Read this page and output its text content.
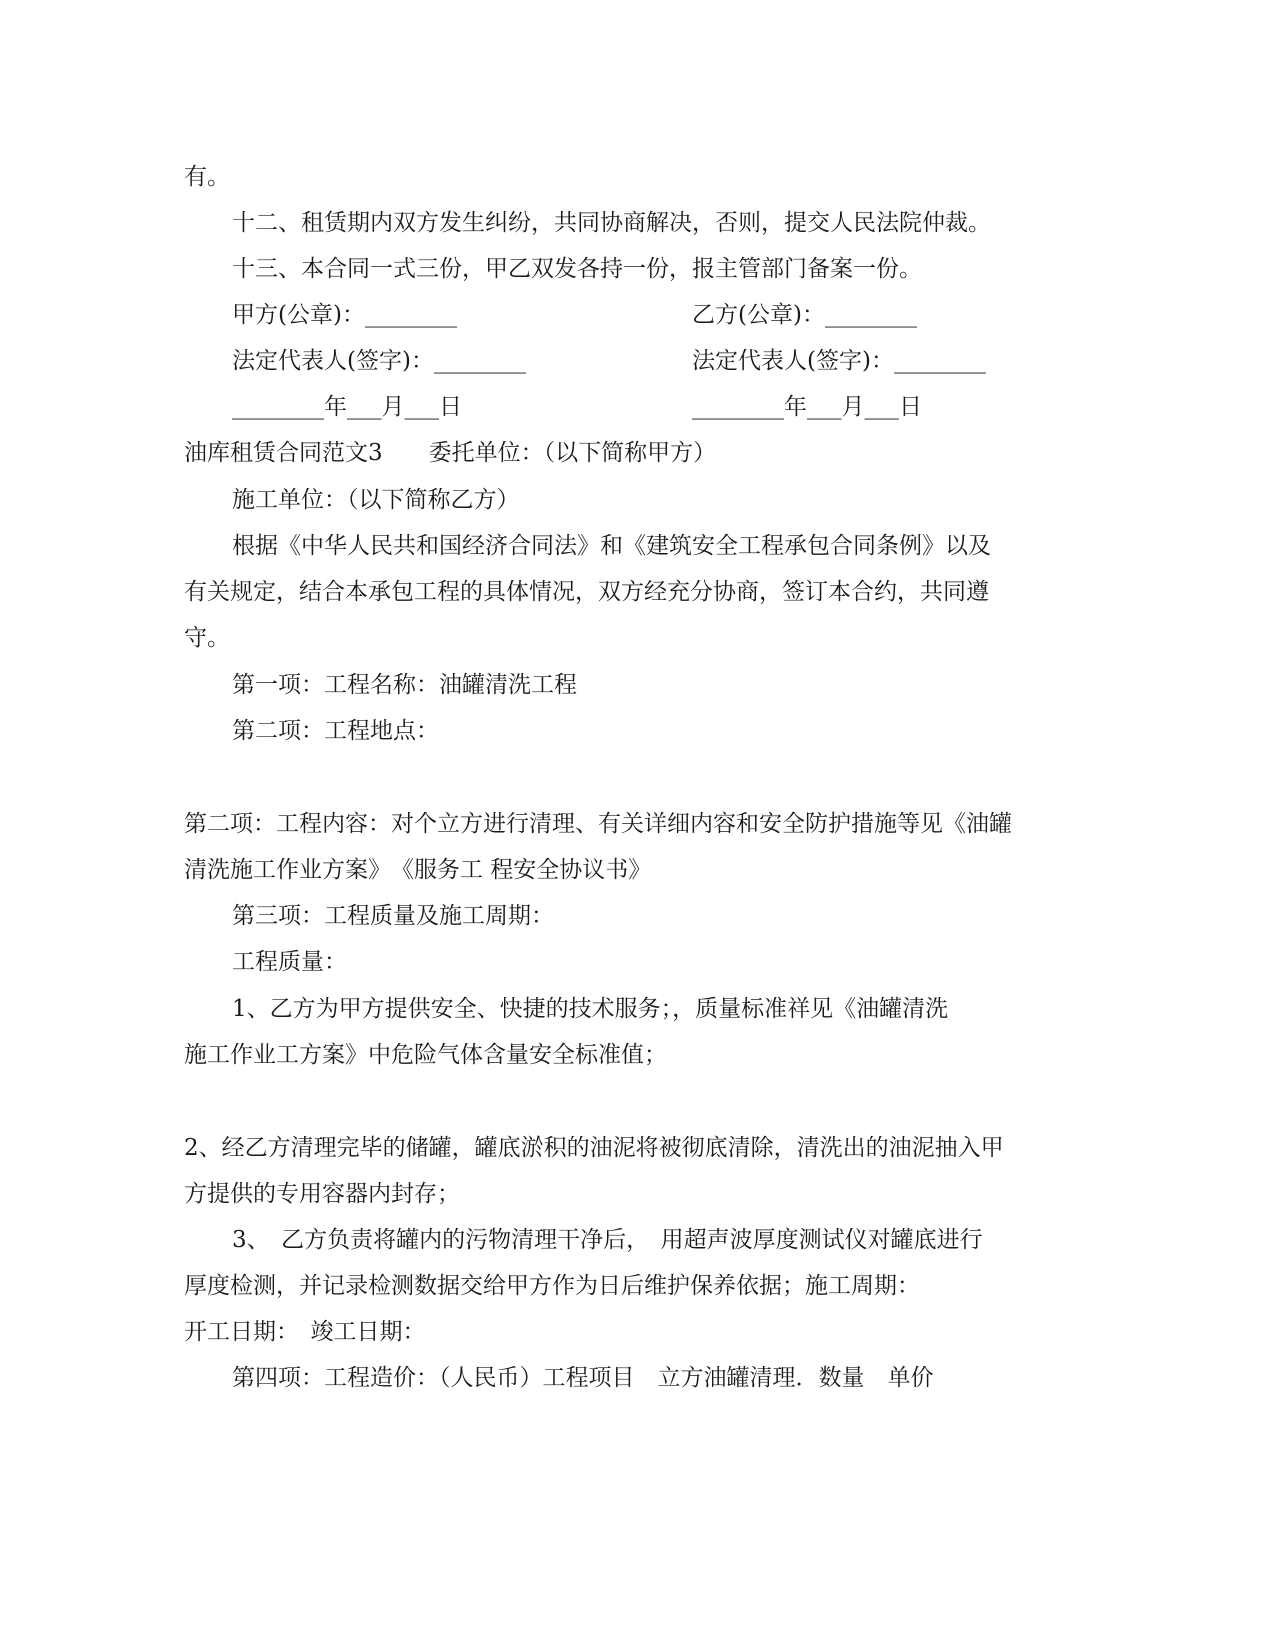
有。
十二、租赁期内双方发生纠纷，共同协商解决，否则，提交人民法院仲裁。
十三、本合同一式三份，甲乙双发各持一份，报主管部门备案一份。
甲方(公章)：________	乙方(公章)：________
法定代表人(签字)：________	法定代表人(签字)：________
________年___月___日	________年___月___日
油库租赁合同范文3　　委托单位：（以下简称甲方）
施工单位：（以下简称乙方）
根据《中华人民共和国经济合同法》和《建筑安全工程承包合同条例》以及
有关规定，结合本承包工程的具体情况，双方经充分协商，签订本合约，共同遵
守。
第一项：工程名称：油罐清洗工程
第二项：工程地点：
第二项：工程内容：对个立方进行清理、有关详细内容和安全防护措施等见《油罐
清洗施工作业方案》　《服务工 程安全协议书》
第三项：工程质量及施工周期：
工程质量：
1、乙方为甲方提供安全、快捷的技术服务；，质量标准祥见《油罐清洗
施工作业工方案》中危险气体含量安全标准值；
2、经乙方清理完毕的储罐，罐底淤积的油泥将被彻底清除，清洗出的油泥抽入甲
方提供的专用容器内封存；
3、　乙方负责将罐内的污物清理干净后，　用超声波厚度测试仪对罐底进行
厚度检测，并记录检测数据交给甲方作为日后维护保养依据；施工周期：
开工日期：　竣工日期：
第四项：工程造价：（人民币）工程项目　立方油罐清理．数量　单价
